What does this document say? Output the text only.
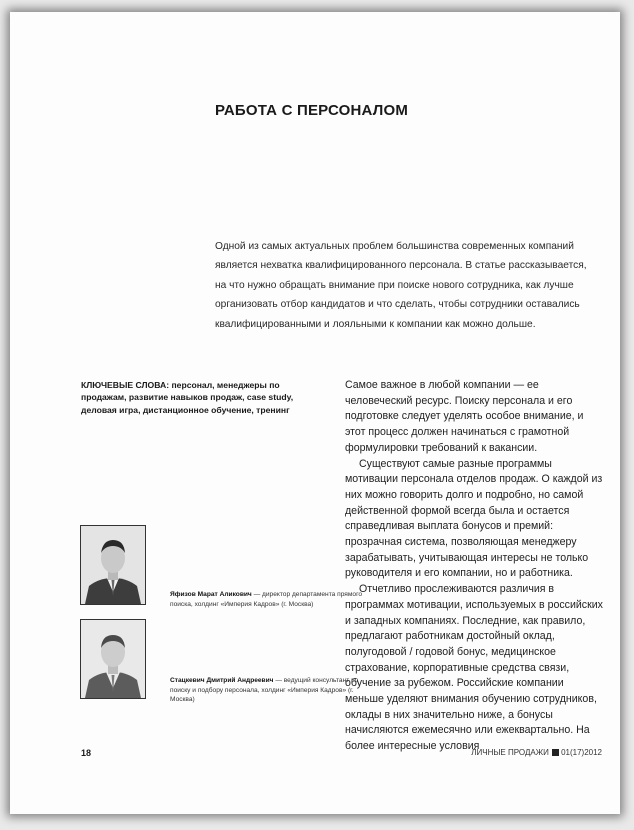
РАБОТА С ПЕРСОНАЛОМ

Одной из самых актуальных проблем большинства современных компаний является нехватка квалифицированного персонала. В статье рассказывается, на что нужно обращать внимание при поиске нового сотрудника, как лучше организовать отбор кандидатов и что сделать, чтобы сотрудники оставались квалифицированными и лояльными к компании как можно дольше.

КЛЮЧЕВЫЕ СЛОВА: персонал, менеджеры по продажам, развитие навыков продаж, case study, деловая игра, дистанционное обучение, тренинг

Самое важное в любой компании — ее человеческий ресурс. Поиску персонала и его подготовке следует уделять особое внимание, и этот процесс должен начинаться с грамотной формулировки требований к вакансии.

Существуют самые разные программы мотивации персонала отделов продаж. О каждой из них можно говорить долго и подробно, но самой действенной формой всегда была и остается справедливая выплата бонусов и премий: прозрачная система, позволяющая менеджеру зарабатывать, учитывающая интересы не только руководителя и его компании, но и работника.

Отчетливо прослеживаются различия в программах мотивации, используемых в российских и западных компаниях. Последние, как правило, предлагают работникам достойный оклад, полугодовой / годовой бонус, медицинское страхование, корпоративные средства связи, обучение за рубежом. Российские компании меньше уделяют внимания обучению сотрудников, оклады в них значительно ниже, а бонусы начисляются ежемесячно или ежеквартально. На более интересные условия

Яфизов Марат Аликович — директор департамента прямого поиска, холдинг «Империя Кадров» (г. Москва)

Стацкевич Дмитрий Андреевич — ведущий консультант по поиску и подбору персонала, холдинг «Империя Кадров» (г. Москва)

18	ЛИЧНЫЕ ПРОДАЖИ 01(17)2012
